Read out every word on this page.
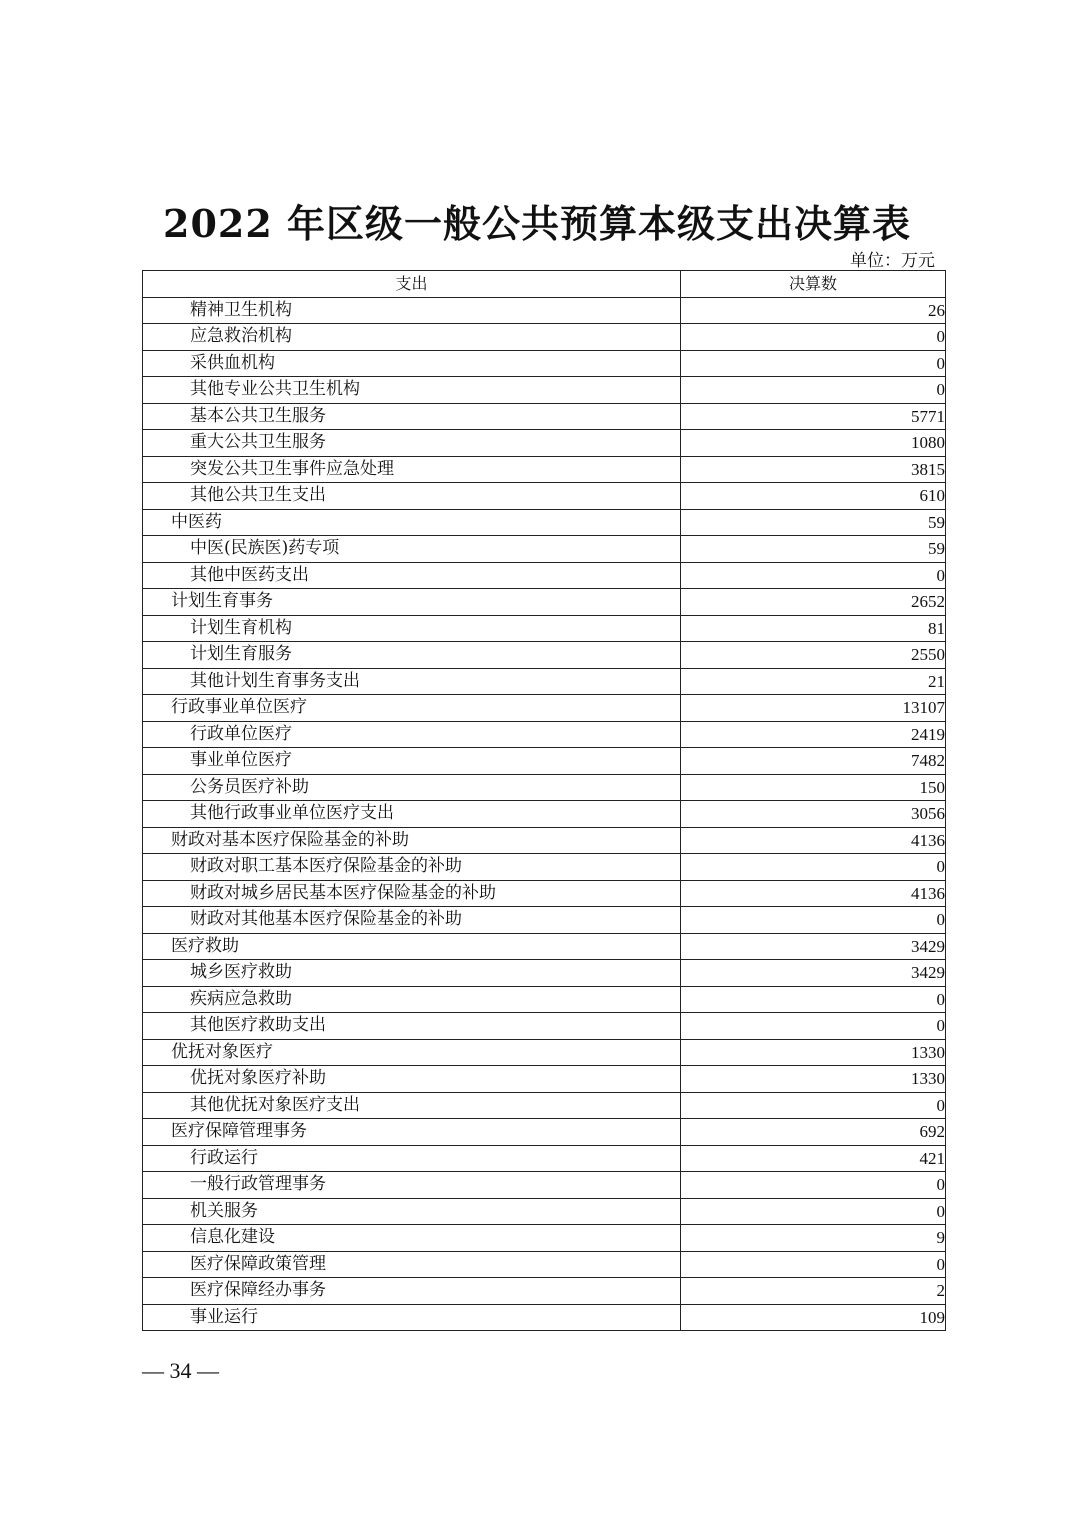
2022 年区级一般公共预算本级支出决算表
单位：万元
支出	决算数
精神卫生机构	26
应急救治机构	0
采供血机构	0
其他专业公共卫生机构	0
基本公共卫生服务	5771
重大公共卫生服务	1080
突发公共卫生事件应急处理	3815
其他公共卫生支出	610
中医药	59
中医(民族医)药专项	59
其他中医药支出	0
计划生育事务	2652
计划生育机构	81
计划生育服务	2550
其他计划生育事务支出	21
行政事业单位医疗	13107
行政单位医疗	2419
事业单位医疗	7482
公务员医疗补助	150
其他行政事业单位医疗支出	3056
财政对基本医疗保险基金的补助	4136
财政对职工基本医疗保险基金的补助	0
财政对城乡居民基本医疗保险基金的补助	4136
财政对其他基本医疗保险基金的补助	0
医疗救助	3429
城乡医疗救助	3429
疾病应急救助	0
其他医疗救助支出	0
优抚对象医疗	1330
优抚对象医疗补助	1330
其他优抚对象医疗支出	0
医疗保障管理事务	692
行政运行	421
一般行政管理事务	0
机关服务	0
信息化建设	9
医疗保障政策管理	0
医疗保障经办事务	2
事业运行	109
— 34 —
